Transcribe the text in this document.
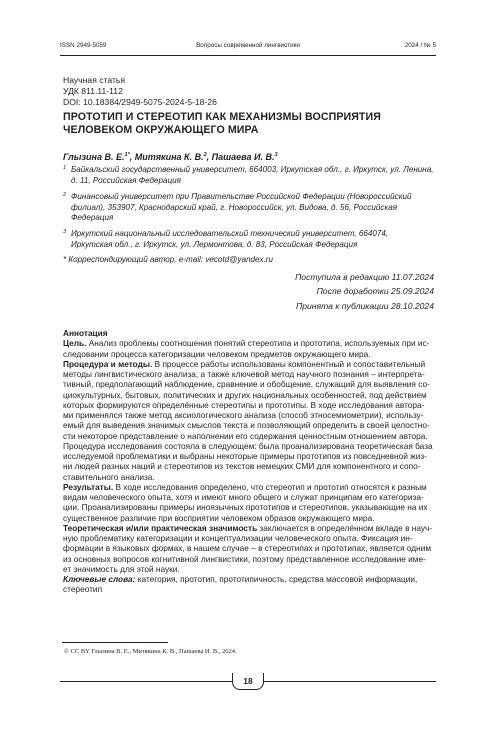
ISSN 2949-5059	Вопросы современной лингвистики	2024 / № 5
Научная статья
УДК 811.11-112
DOI: 10.18384/2949-5075-2024-5-18-26
ПРОТОТИП И СТЕРЕОТИП КАК МЕХАНИЗМЫ ВОСПРИЯТИЯ
ЧЕЛОВЕКОМ ОКРУЖАЮЩЕГО МИРА
Глызина В. Е.$^{1*}$, Митякина К. В.$^2$, Пашаева И. В.$^3$
1 Байкальский государственный университет, 664003, Иркутская обл., г. Иркутск, ул. Ленина,
д. 11, Российская Федерация
2 Финансовый университет при Правительстве Российской Федерации (Новороссийский
филиал), 353907, Краснодарский край, г. Новороссийск, ул. Видова, д. 56, Российская
Федерация
3 Иркутский национальный исследовательский технический университет, 664074,
Иркутская обл., г. Иркутск, ул. Лермонтова, д. 83, Российская Федерация
* Корреспондирующий автор, e-mail: vecotd@yandex.ru
Поступила в редакцию 11.07.2024
После доработки 25.09.2024
Принята к публикации 28.10.2024

Аннотация

Цель. Анализ проблемы соотношения понятий стереотипа и прототипа, используемых при ис-
следовании процесса категоризации человеком предметов окружающего мира.

Процедура и методы. В процессе работы использованы компонентный и сопоставительный
методы лингвистического анализа, а также ключевой метод научного познания – интерпрета-
тивный, предполагающий наблюдение, сравнение и обобщение, служащий для выявления со-
циокультурных, бытовых, политических и других национальных особенностей, под действием
которых формируются определённые стереотипы и прототипы. В ходе исследования автора-
ми применялся также метод аксиологического анализа (способ этносемиометрии), использу-
емый для выведения значимых смыслов текста и позволяющий определить в своей целостно-
сти некоторое представление о наполнении его содержания ценностным отношением автора.
Процедура исследования состояла в следующем: была проанализирована теоретическая база
исследуемой проблематики и выбраны некоторые примеры прототипов из повседневной жиз-
ни людей разных наций и стереотипов из текстов немецких СМИ для компонентного и сопо-
ставительного анализа.

Результаты. В ходе исследования определено, что стереотип и прототип относятся к разным
видам человеческого опыта, хотя и имеют много общего и служат принципам его категориза-
ции. Проанализированы примеры иноязычных прототипов и стереотипов, указывающие на их
существенное различие при восприятии человеком образов окружающего мира.

Теоретическая и/или практическая значимость заключается в определённом вкладе в науч-
ную проблематику категоризации и концептуализации человеческого опыта. Фиксация ин-
формации в языковых формах, в нашем случае – в стереотипах и прототипах, является одним
из основных вопросов когнитивной лингвистики, поэтому представленное исследование име-
ет значимость для этой науки.

Ключевые слова: категория, прототип, прототипичность, средства массовой информации,
стереотип

© CC BY Глызина В. Е., Митякина К. В., Пашаева И. В., 2024.
18
